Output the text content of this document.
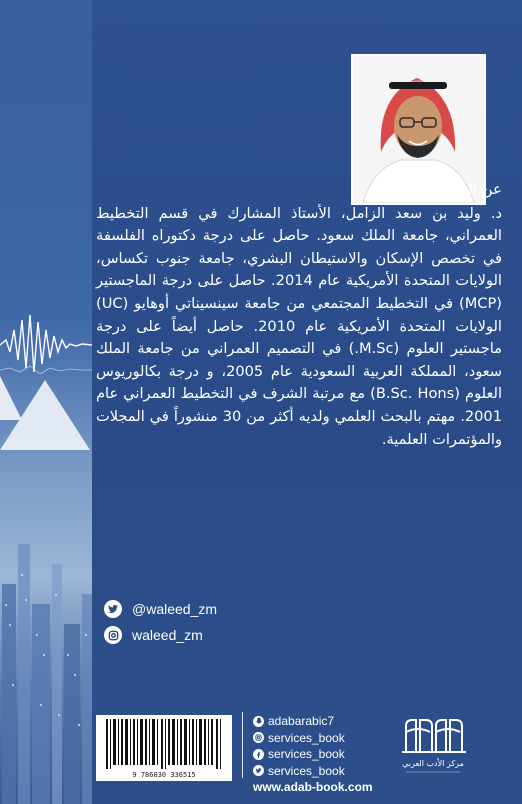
عن المؤلف:
د. وليد بن سعد الزامل، الأستاذ المشارك في قسم التخطيط العمراني، جامعة الملك سعود. حاصل على درجة دكتوراه الفلسفة في تخصص الإسكان والاستيطان البشري، جامعة جنوب تكساس، الولايات المتحدة الأمريكية عام 2014. حاصل على درجة الماجستير (MCP) في التخطيط المجتمعي من جامعة سينسيناتي أوهايو (UC) الولايات المتحدة الأمريكية عام 2010. حاصل أيضاً على درجة ماجستير العلوم (M.Sc.) في التصميم العمراني من جامعة الملك سعود، المملكة العربية السعودية عام 2005، و درجة بكالوريوس العلوم (B.Sc. Hons) مع مرتبة الشرف في التخطيط العمراني عام 2001. مهتم بالبحث العلمي ولديه أكثر من 30 منشوراً في المجلات والمؤتمرات العلمية.
@waleed_zm
waleed_zm
9 786030 336515
adabarabic7
services_book
services_book
services_book
www.adab-book.com
مركز الأدب العربي
